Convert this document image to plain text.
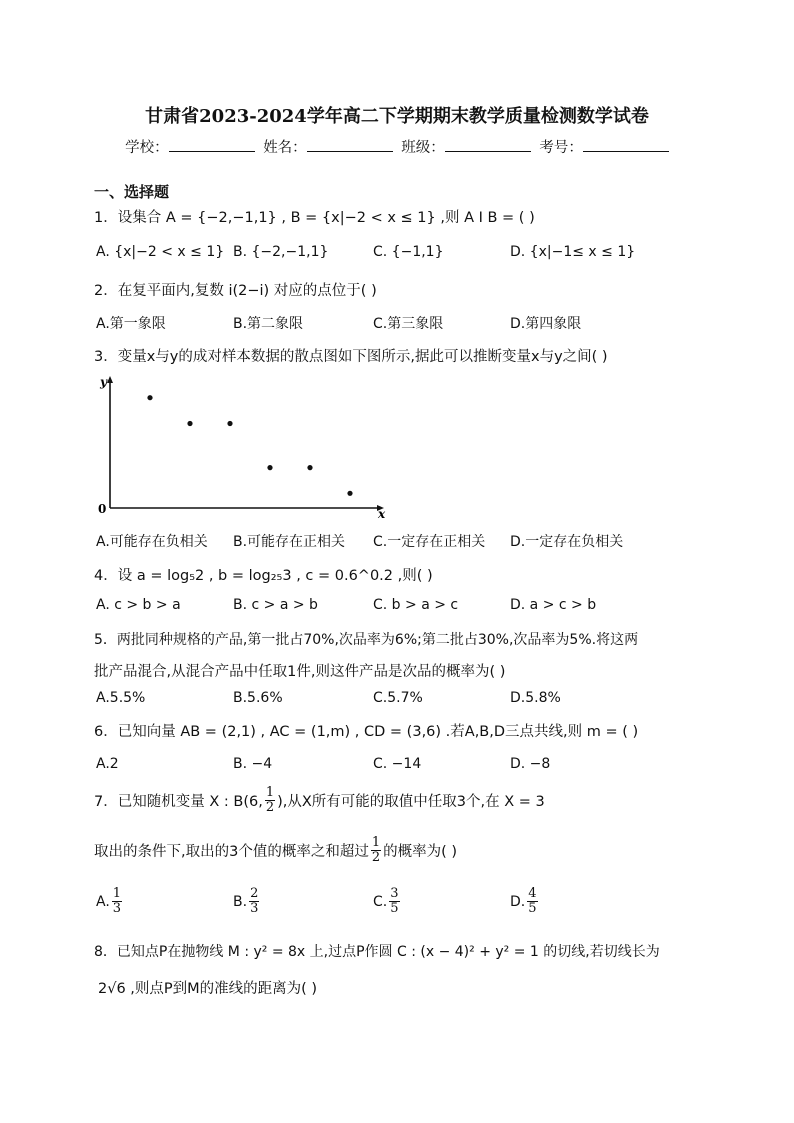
甘肃省2023-2024学年高二下学期期末教学质量检测数学试卷
学校：	姓名：	班级：	考号：
一、选择题
1．设集合 A = {−2,−1,1} , B = {x|−2 < x ≤ 1} ,则 A I B = ( )
A. {x|−2 < x ≤ 1} B. {−2,−1,1}	C. {−1,1}	D. {x|−1≤ x ≤ 1}
2．在复平面内,复数 i(2−i) 对应的点位于( )
A.第一象限	B.第二象限	C.第三象限	D.第四象限
3．变量x与y的成对样本数据的散点图如下图所示,据此可以推断变量x与y之间( )
y
x
0
A.可能存在负相关 B.可能存在正相关 C.一定存在正相关 D.一定存在负相关
4．设 a = log₅2 , b = log₂₅3 , c = 0.6^0.2 ,则( )
A. c > b > a	B. c > a > b	C. b > a > c	D. a > c > b
5．两批同种规格的产品,第一批占70%,次品率为6%;第二批占30%,次品率为5%.将这两
批产品混合,从混合产品中任取1件,则这件产品是次品的概率为( )
A.5.5%	B.5.6%	C.5.7%	D.5.8%
6．已知向量 AB = (2,1) , AC = (1,m) , CD = (3,6) .若A,B,D三点共线,则 m = ( )
A.2	B. −4	C. −14	D. −8
7．已知随机变量 X : B(6, $\frac{1}{2}$ ),从X所有可能的取值中任取3个,在 X = 3
取出的条件下,取出的3个值的概率之和超过 $\frac{1}{2}$ 的概率为( )
A. $\frac{1}{3}$	B. $\frac{2}{3}$	C. $\frac{3}{5}$	D. $\frac{4}{5}$
8．已知点P在抛物线 M : y² = 8x 上,过点P作圆 C : (x − 4)² + y² = 1 的切线,若切线长为
2√6 ,则点P到M的准线的距离为( )
